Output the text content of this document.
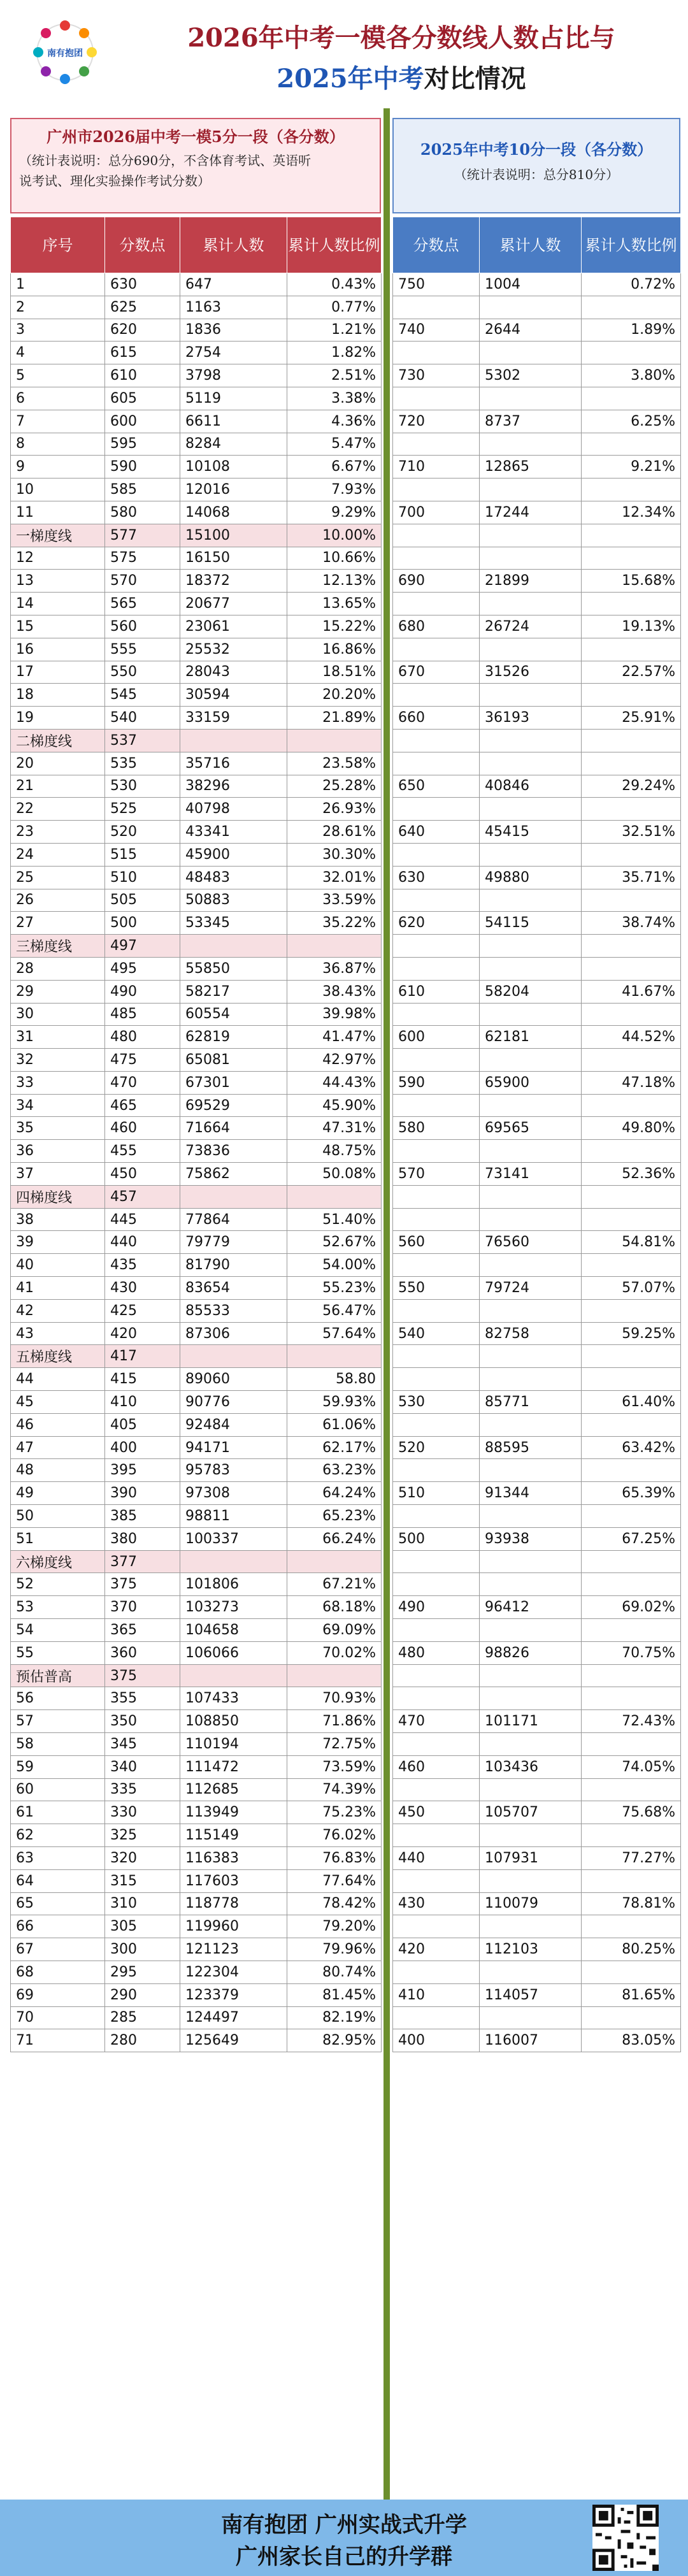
南有抱团
2026年中考一模各分数线人数占比与
2025年中考对比情况
广州市2026届中考一模5分一段（各分数）
（统计表说明：总分690分，不含体育考试、英语听
说考试、理化实验操作考试分数）
2025年中考10分一段（各分数）
（统计表说明：总分810分）
序号	分数点	累计人数	累计人数比例
1	630	647	0.43%
2	625	1163	0.77%
3	620	1836	1.21%
4	615	2754	1.82%
5	610	3798	2.51%
6	605	5119	3.38%
7	600	6611	4.36%
8	595	8284	5.47%
9	590	10108	6.67%
10	585	12016	7.93%
11	580	14068	9.29%
一梯度线	577	15100	10.00%
12	575	16150	10.66%
13	570	18372	12.13%
14	565	20677	13.65%
15	560	23061	15.22%
16	555	25532	16.86%
17	550	28043	18.51%
18	545	30594	20.20%
19	540	33159	21.89%
二梯度线	537		
20	535	35716	23.58%
21	530	38296	25.28%
22	525	40798	26.93%
23	520	43341	28.61%
24	515	45900	30.30%
25	510	48483	32.01%
26	505	50883	33.59%
27	500	53345	35.22%
三梯度线	497		
28	495	55850	36.87%
29	490	58217	38.43%
30	485	60554	39.98%
31	480	62819	41.47%
32	475	65081	42.97%
33	470	67301	44.43%
34	465	69529	45.90%
35	460	71664	47.31%
36	455	73836	48.75%
37	450	75862	50.08%
四梯度线	457		
38	445	77864	51.40%
39	440	79779	52.67%
40	435	81790	54.00%
41	430	83654	55.23%
42	425	85533	56.47%
43	420	87306	57.64%
五梯度线	417		
44	415	89060	58.80
45	410	90776	59.93%
46	405	92484	61.06%
47	400	94171	62.17%
48	395	95783	63.23%
49	390	97308	64.24%
50	385	98811	65.23%
51	380	100337	66.24%
六梯度线	377		
52	375	101806	67.21%
53	370	103273	68.18%
54	365	104658	69.09%
55	360	106066	70.02%
预估普高	375		
56	355	107433	70.93%
57	350	108850	71.86%
58	345	110194	72.75%
59	340	111472	73.59%
60	335	112685	74.39%
61	330	113949	75.23%
62	325	115149	76.02%
63	320	116383	76.83%
64	315	117603	77.64%
65	310	118778	78.42%
66	305	119960	79.20%
67	300	121123	79.96%
68	295	122304	80.74%
69	290	123379	81.45%
70	285	124497	82.19%
71	280	125649	82.95%
分数点	累计人数	累计人数比例
750	1004	0.72%

740	2644	1.89%

730	5302	3.80%

720	8737	6.25%

710	12865	9.21%

700	17244	12.34%

690	21899	15.68%

680	26724	19.13%

670	31526	22.57%

660	36193	25.91%

650	40846	29.24%

640	45415	32.51%

630	49880	35.71%

620	54115	38.74%

610	58204	41.67%

600	62181	44.52%

590	65900	47.18%

580	69565	49.80%

570	73141	52.36%

560	76560	54.81%

550	79724	57.07%

540	82758	59.25%

530	85771	61.40%

520	88595	63.42%

510	91344	65.39%

500	93938	67.25%

490	96412	69.02%

480	98826	70.75%

470	101171	72.43%

460	103436	74.05%

450	105707	75.68%

440	107931	77.27%

430	110079	78.81%

420	112103	80.25%

410	114057	81.65%

400	116007	83.05%
南有抱团 广州实战式升学
广州家长自己的升学群
